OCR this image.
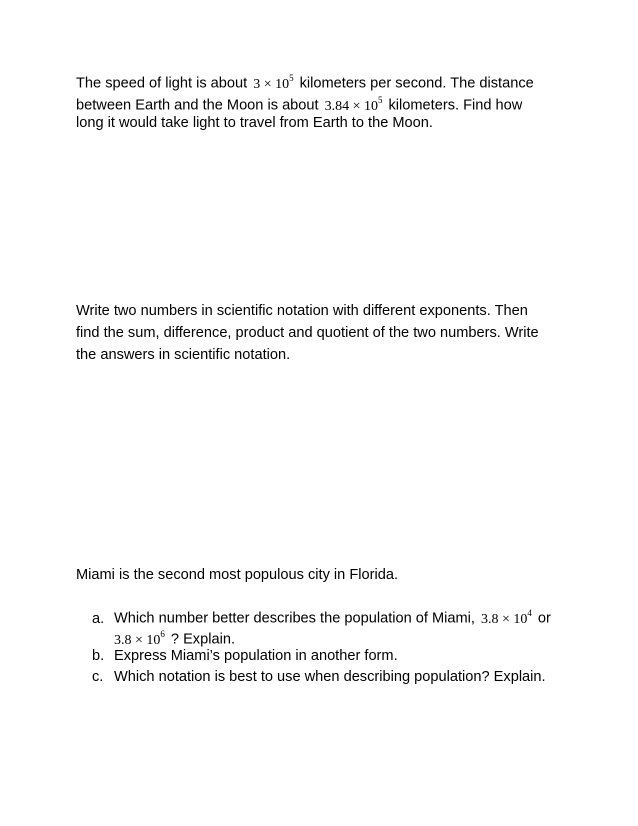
The speed of light is about $3 \times 10^5$ kilometers per second. The distance
between Earth and the Moon is about $3.84 \times 10^5$ kilometers. Find how
long it would take light to travel from Earth to the Moon.
Write two numbers in scientific notation with different exponents. Then
find the sum, difference, product and quotient of the two numbers. Write
the answers in scientific notation.
Miami is the second most populous city in Florida.
a. Which number better describes the population of Miami, $3.8 \times 10^4$ or
$3.8 \times 10^6$ ? Explain.
b. Express Miami’s population in another form.
c. Which notation is best to use when describing population? Explain.
